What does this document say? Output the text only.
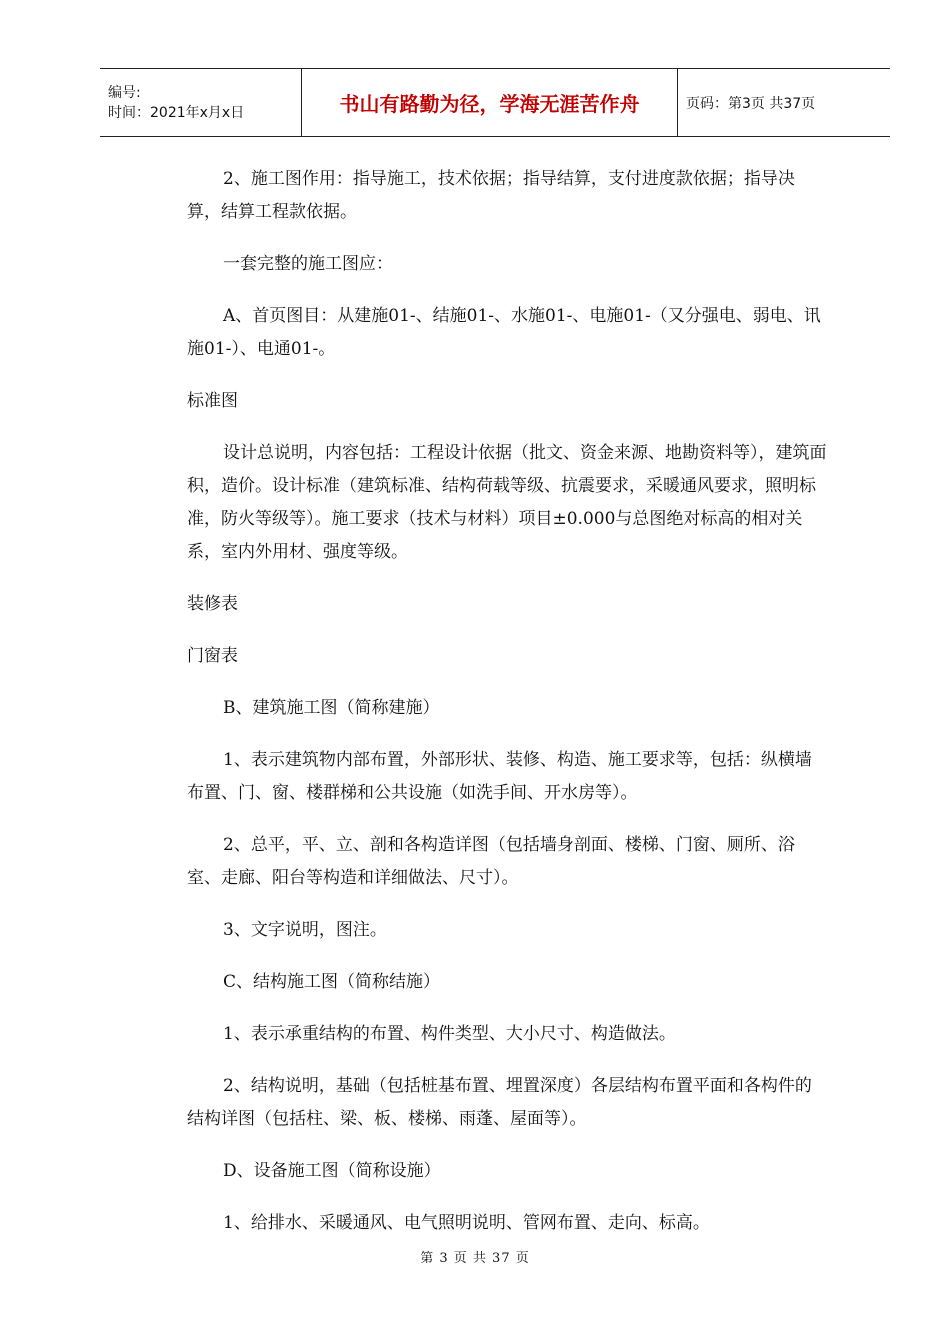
编号:
时间：2021年x月x日	书山有路勤为径，学海无涯苦作舟	页码：第3页 共37页
2、施工图作用：指导施工，技术依据；指导结算，支付进度款依据；指导决算，结算工程款依据。
一套完整的施工图应：
A、首页图目：从建施01-、结施01-、水施01-、电施01-（又分强电、弱电、讯施01-）、电通01-。
标准图
设计总说明，内容包括：工程设计依据（批文、资金来源、地勘资料等），建筑面积，造价。设计标准（建筑标准、结构荷载等级、抗震要求，采暖通风要求，照明标准，防火等级等）。施工要求（技术与材料）项目±0.000与总图绝对标高的相对关系，室内外用材、强度等级。
装修表
门窗表
B、建筑施工图（简称建施）
1、表示建筑物内部布置，外部形状、装修、构造、施工要求等，包括：纵横墙布置、门、窗、楼群梯和公共设施（如洗手间、开水房等）。
2、总平，平、立、剖和各构造详图（包括墙身剖面、楼梯、门窗、厕所、浴室、走廊、阳台等构造和详细做法、尺寸）。
3、文字说明，图注。
C、结构施工图（简称结施）
1、表示承重结构的布置、构件类型、大小尺寸、构造做法。
2、结构说明，基础（包括桩基布置、埋置深度）各层结构布置平面和各构件的结构详图（包括柱、梁、板、楼梯、雨蓬、屋面等）。
D、设备施工图（简称设施）
1、给排水、采暖通风、电气照明说明、管网布置、走向、标高。
第 3 页 共 37 页
